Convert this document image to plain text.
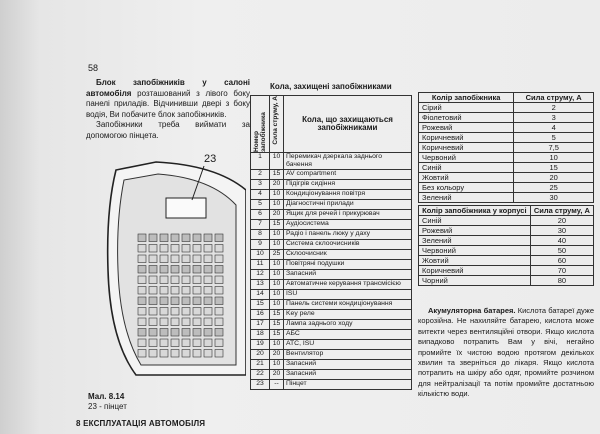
58

Блок запобіжників у салоні автомобіля розташований з лівого боку панелі приладів. Відчинивши двері з боку водія, Ви побачите блок запобіжників.

Запобіжники треба виймати за допомогою пінцета.

23
Мал. 8.14
23 - пінцет
8 ЕКСПЛУАТАЦІЯ АВТОМОБІЛЯ
Кола, захищені запобіжниками
Номер запобіжника	Сила струму, А	Кола, що захищаються запобіжниками
1	10	Перемикач дзеркала заднього бачення
2	15	AV compartment
3	20	Підігрів сидіння
4	10	Кондиціонування повітря
5	10	Діагностичні прилади
6	20	Ящик для речей і прикурювач
7	15	Аудіосистема
8	10	Радіо і панель люку у даху
9	10	Система склоочисників
10	25	Склоочисник
11	10	Повітряні подушки
12	10	Запасний
13	10	Автоматичне керування трансмісією
14	10	ISU
15	10	Панель системи кондиціонування
16	15	Key реле
17	15	Лампа заднього ходу
18	15	АБС
19	10	ATC, ISU
20	20	Вентилятор
21	10	Запасний
22	20	Запасний
23	--	Пінцет
Колір запобіжника	Сила струму, А
Сірий	2
Фіолетовий	3
Рожевий	4
Коричневий	5
Коричневий	7,5
Червоний	10
Синій	15
Жовтий	20
Без кольору	25
Зелений	30
Колір запобіжника у корпусі	Сила струму, А
Синій	20
Рожевий	30
Зелений	40
Червоний	50
Жовтий	60
Коричневий	70
Чорний	80

Акумуляторна батарея. Кислота батареї дуже корозійна. Не нахиляйте батарею, кислота може витекти через вентиляційні отвори. Якщо кислота випадково потрапить Вам у вічі, негайно промийте їх чистою водою протягом декількох хвилин та зверніться до лікаря. Якщо кислота потрапить на шкіру або одяг, промийте розчином для нейтралізації та потім промийте достатньою кількістю води.
